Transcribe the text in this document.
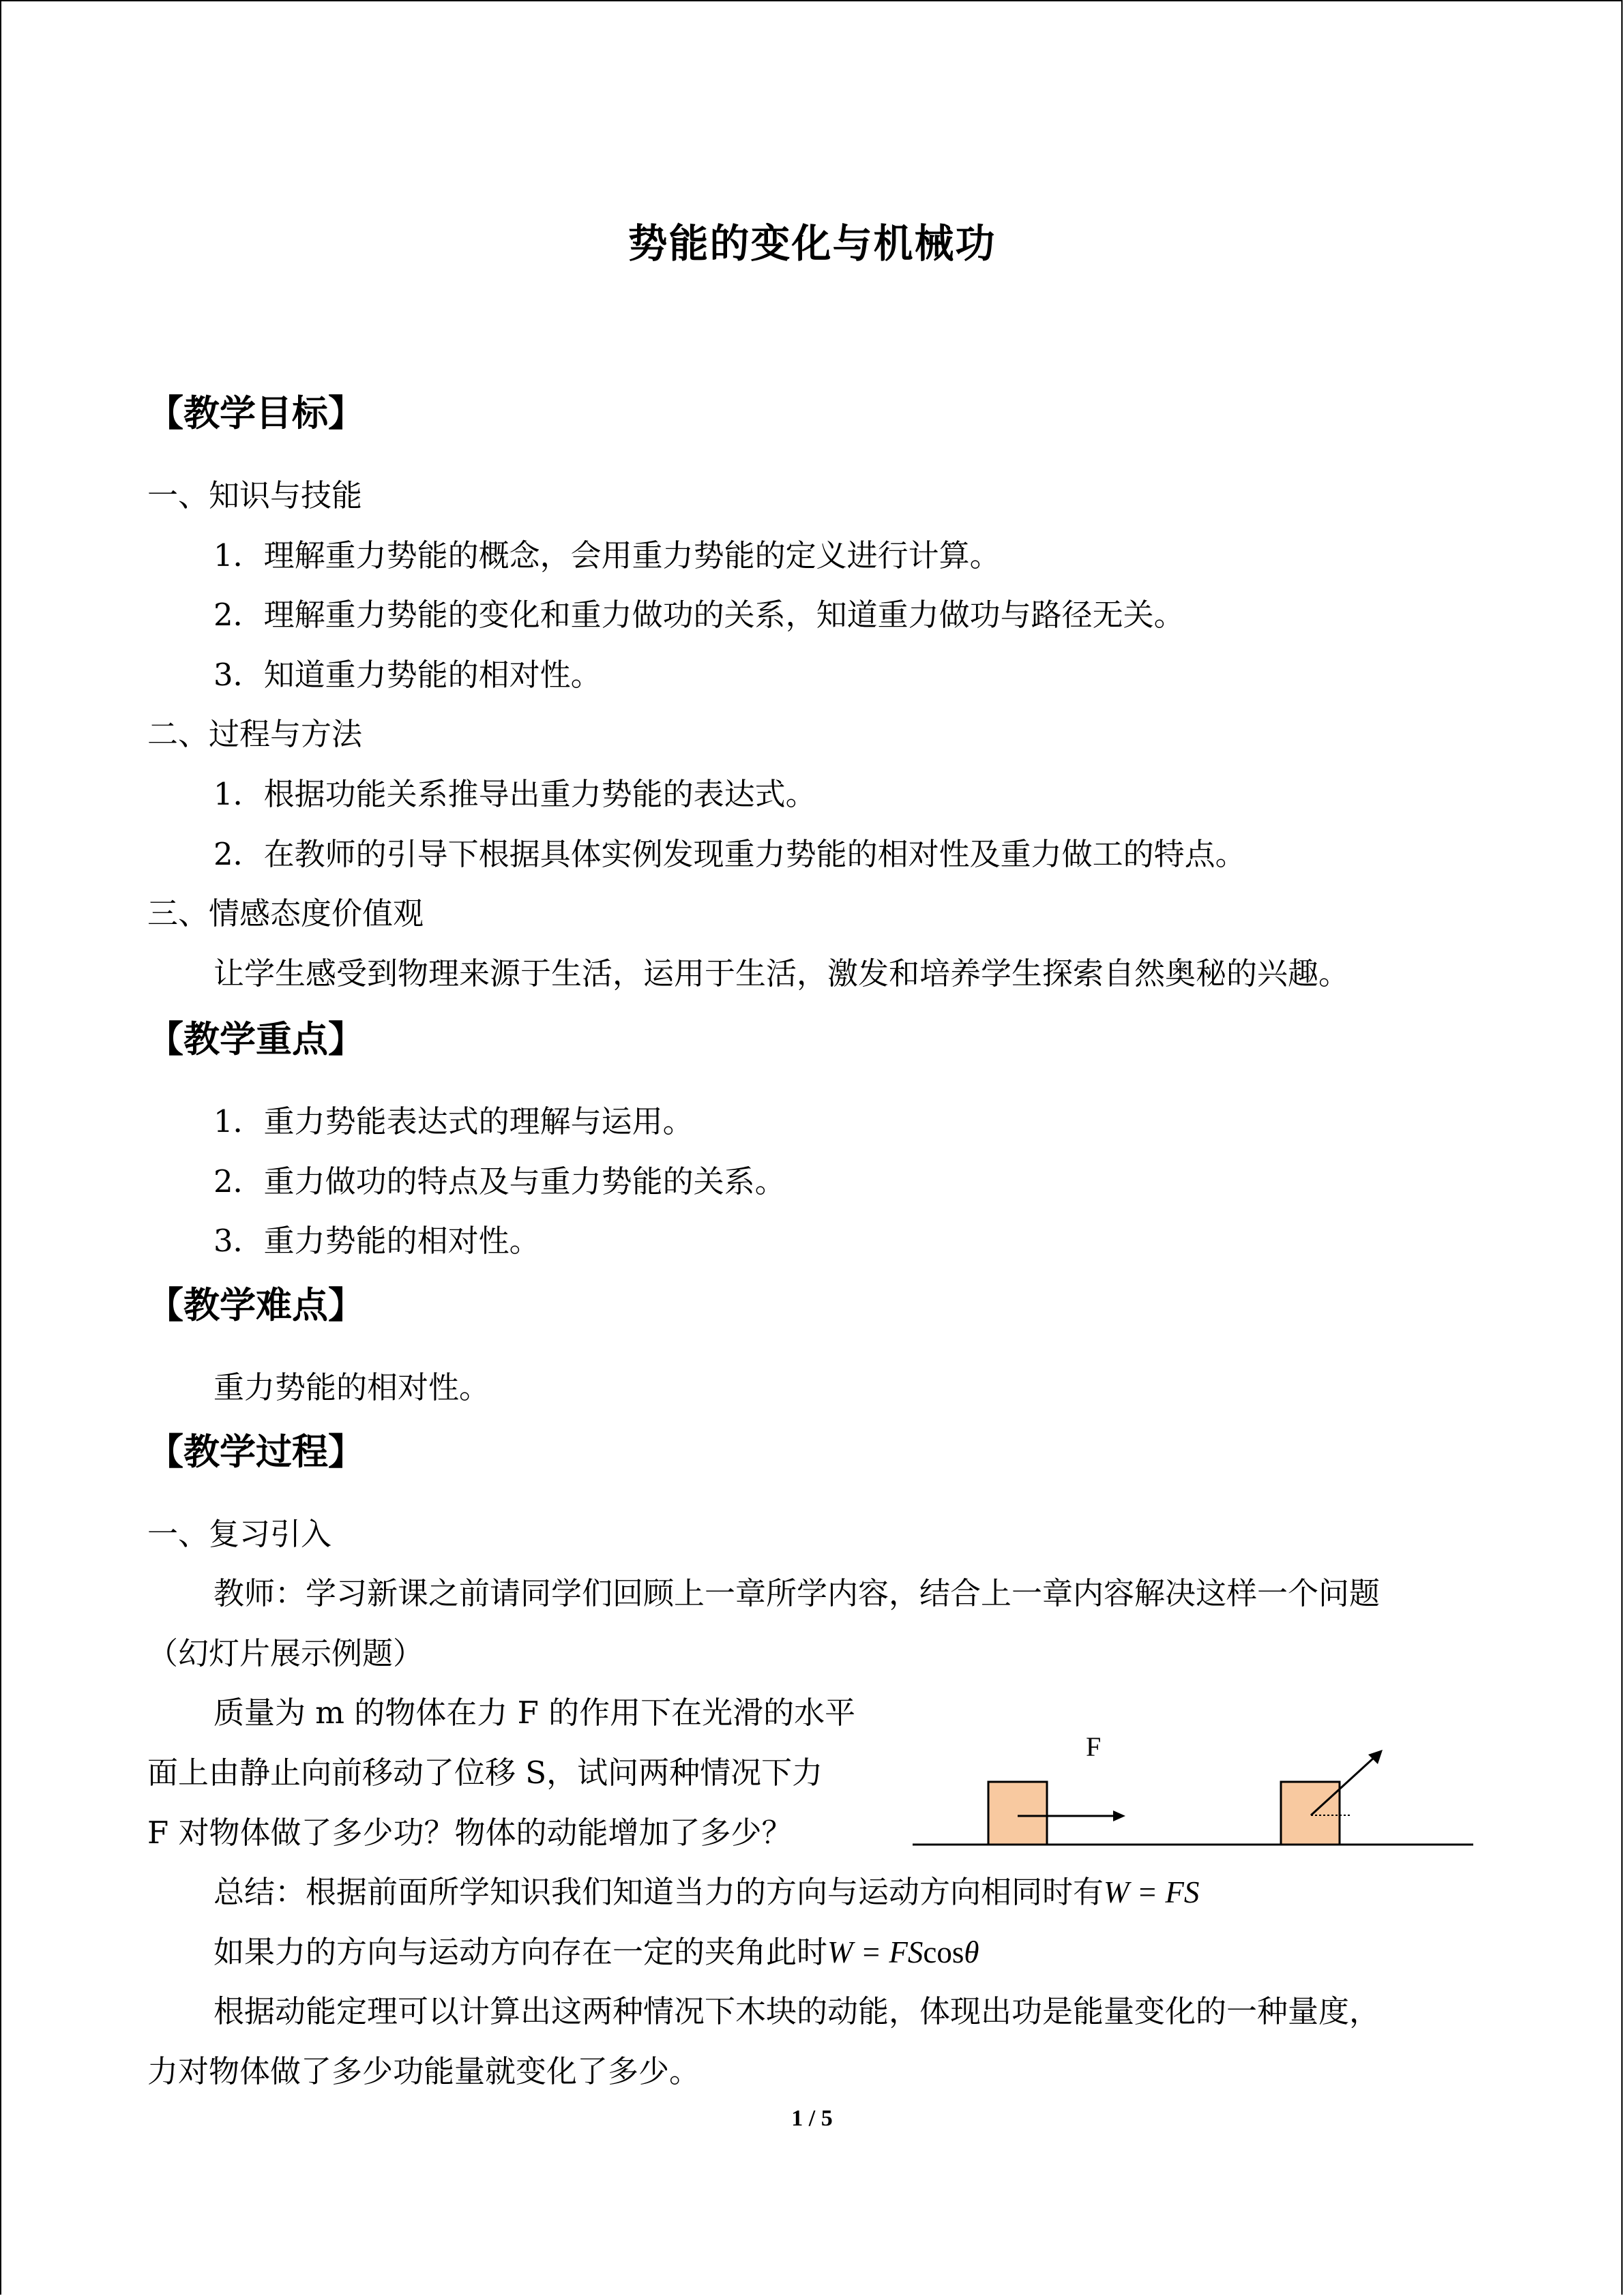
势能的变化与机械功
【教学目标】
一、知识与技能
1．理解重力势能的概念，会用重力势能的定义进行计算。
2．理解重力势能的变化和重力做功的关系，知道重力做功与路径无关。
3．知道重力势能的相对性。
二、过程与方法
1．根据功能关系推导出重力势能的表达式。
2．在教师的引导下根据具体实例发现重力势能的相对性及重力做工的特点。
三、情感态度价值观
让学生感受到物理来源于生活，运用于生活，激发和培养学生探索自然奥秘的兴趣。
【教学重点】
1．重力势能表达式的理解与运用。
2．重力做功的特点及与重力势能的关系。
3．重力势能的相对性。
【教学难点】
重力势能的相对性。
【教学过程】
一、复习引入
教师：学习新课之前请同学们回顾上一章所学内容，结合上一章内容解决这样一个问题
（幻灯片展示例题）
质量为 m 的物体在力 F 的作用下在光滑的水平
面上由静止向前移动了位移 S，试问两种情况下力
F 对物体做了多少功？物体的动能增加了多少？
F
总结：根据前面所学知识我们知道当力的方向与运动方向相同时有W = FS
如果力的方向与运动方向存在一定的夹角此时W = FScosθ
根据动能定理可以计算出这两种情况下木块的动能，体现出功是能量变化的一种量度，
力对物体做了多少功能量就变化了多少。
1 / 5
